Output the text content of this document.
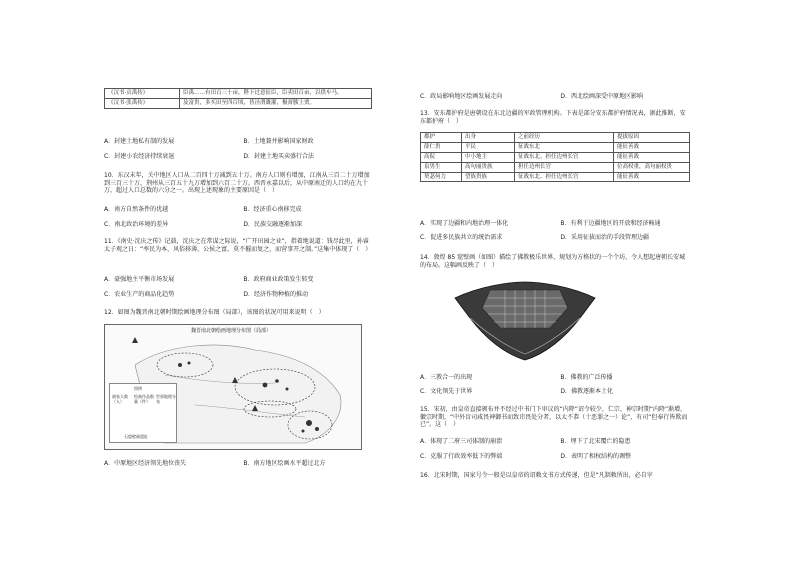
《汉书·贡禹传》	臣禹……有田百三十亩，陛下过意征臣，臣卖田百亩，以供车马。
《汉书·张禹传》	及富贵，多买田至四百顷，皆泾渭溉灌，极膏腴上贾。
A．封建土地私有制的发展	B．土地兼并影响国家财政
C．封建小农经济持续衰退	D．封建土地买卖盛行合法
10．东汉末年，关中地区人口从二百四十万减到五十万。南方人口则有增加，江南从三百二十万增加到三百三十万，荆州从三百五十九万增加到六百二十万。西晋永嘉以后，从中原南迁的人口约在九十万，超过人口总数的六分之一。出现上述现象的主要原因是（　）
A．南方自然条件的优越	B．经济重心南移完成
C．南北政治环境的差异	D．民族交融逐渐加深
11．《南史·沈庆之传》记载，沈庆之在常谋之际说，“广开田园之业”，指着地说道：钱尽此里，孙睿太子观之日：“率民为本，风俗移薄，公侯之富，莫不摧而复之，而营事开之制。”这集中体现了（　）
A．豪强地主平衡市场发展	B．政府商业政策发生转变
C．农业生产的商品化趋势	D．经济作物种植的推动
12．如图为魏晋南北朝时期绘画地理分布图（局部），该图的状况可用来说明（　）
魏晋南北朝绘画地理分布图（局部）
图例
画家人数（人）
绘画作品数量（件）
世界地理分布
石窟壁画遗址
A．中原地区经济领先地位丧失	B．南方地区绘画水平超过北方
C．政局影响地区绘画发展走向	D．西北绘画深受中原地区影响
13．安东都护府是唐朝设在东北边疆的军政管理机构。下表是部分安东都护府情况表，据此推断，安东都护府（　）
都护	出身	之前经历	提拔原因
薛仁贵	平民	征战东北	能征善战
高侃	中小地主	征战东北、担任边州长官	能征善战
泉男生	高句丽贵族	担任边州长官	位高权重，高句丽权贵
契苾何力	望族贵族	征战东北、担任边州长官	能征善战
A．实现了边疆和内地治理一体化	B．有利于边疆地区的开放和经济畅通
C．促进多民族共立的统治需求	D．采用征拔而治的手段管理边疆
14．敦煌 85 窟壁画（如图）描绘了佛教极乐世界，规划为方格状的一个个坊，令人想起唐朝长安城的布局。这幅画反映了（　）
A．三教合一的出现	B．佛教的广泛传播
C．文化领先于世界	D．佛教逐渐本土化
15．宋初，由皇帝直接颁布并不经过中书门下审议的“内降”诏令较少，仁宗、神宗时期“内降”渐增，徽宗时期，“中外盲司咸畏神御书而致讳畏处分者，以太不恭（十恶罪之一）论”，有司“但奉行皆欺而已”。这（　）
A．体现了二府三司体制的崩溃	B．埋下了北宋覆亡的隐患
C．克服了行政效率低下的弊端	D．表明了相权结构的调整
16．北宋时期，国家号令一般是以皇帝的诏敕文书方式传递，但是“凡制敕所出，必自宰
